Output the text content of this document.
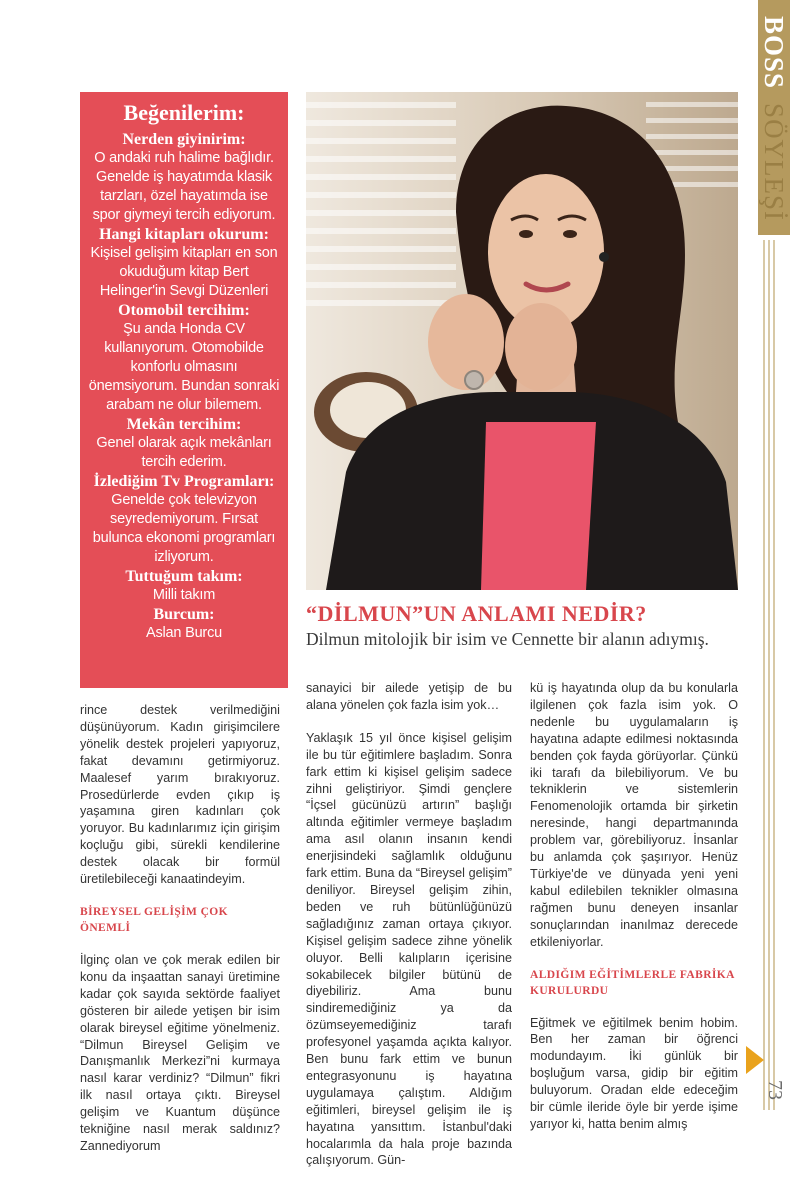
BOSS
SÖYLEŞİ
73

Beğenilerim:

Nerden giyinirim:

O andaki ruh halime bağlıdır. Genelde iş hayatımda klasik tarzları, özel hayatımda ise spor giymeyi tercih ediyorum.

Hangi kitapları okurum:

Kişisel gelişim kitapları en son okuduğum kitap Bert Helinger'in Sevgi Düzenleri

Otomobil tercihim:

Şu anda Honda CV kullanıyorum. Otomobilde konforlu olmasını önemsiyorum. Bundan sonraki arabam ne olur bilemem.

Mekân tercihim:

Genel olarak açık mekânları tercih ederim.

İzlediğim Tv Programları:

Genelde çok televizyon seyredemiyorum. Fırsat bulunca ekonomi programları izliyorum.

Tuttuğum takım:

Milli takım

Burcum:

Aslan Burcu

“DİLMUN”UN ANLAMI NEDİR?

Dilmun mitolojik bir isim ve Cennette bir alanın adıymış.

rince destek verilmediğini düşünüyorum. Kadın girişimcilere yönelik destek projeleri yapıyoruz, fakat devamını getirmiyoruz. Maalesef yarım bırakıyoruz. Prosedürlerde evden çıkıp iş yaşamına giren kadınları çok yoruyor. Bu kadınlarımız için girişim koçluğu gibi, sürekli kendilerine destek olacak bir formül üretilebileceği kanaatindeyim.

BİREYSEL GELİŞİM ÇOK ÖNEMLİ

İlginç olan ve çok merak edilen bir konu da inşaattan sanayi üretimine kadar çok sayıda sektörde faaliyet gösteren bir ailede yetişen bir isim olarak bireysel eğitime yönelmeniz. “Dilmun Bireysel Gelişim ve Danışmanlık Merkezi”ni kurmaya nasıl karar verdiniz? “Dilmun” fikri ilk nasıl ortaya çıktı. Bireysel gelişim ve Kuantum düşünce tekniğine nasıl merak saldınız? Zannediyorum

sanayici bir ailede yetişip de bu alana yönelen çok fazla isim yok…

Yaklaşık 15 yıl önce kişisel gelişim ile bu tür eğitimlere başladım. Sonra fark ettim ki kişisel gelişim sadece zihni geliştiriyor. Şimdi gençlere “İçsel gücünüzü artırın” başlığı altında eğitimler vermeye başladım ama asıl olanın insanın kendi enerjisindeki sağlamlık olduğunu fark ettim. Buna da “Bireysel gelişim” deniliyor. Bireysel gelişim zihin, beden ve ruh bütünlüğünüzü sağladığınız zaman ortaya çıkıyor. Kişisel gelişim sadece zihne yönelik oluyor. Belli kalıpların içerisine sokabilecek bilgiler bütünü de diyebiliriz. Ama bunu sindiremediğiniz ya da özümseyemediğiniz tarafı profesyonel yaşamda açıkta kalıyor. Ben bunu fark ettim ve bunun entegrasyonunu iş hayatına uygulamaya çalıştım. Aldığım eğitimleri, bireysel gelişim ile iş hayatına yansıttım. İstanbul'daki hocalarımla da hala proje bazında çalışıyorum. Gün-

kü iş hayatında olup da bu konularla ilgilenen çok fazla isim yok. O nedenle bu uygulamaların iş hayatına adapte edilmesi noktasında benden çok fayda görüyorlar. Çünkü iki tarafı da bilebiliyorum. Ve bu tekniklerin ve sistemlerin Fenomenolojik ortamda bir şirketin neresinde, hangi departmanında problem var, görebiliyoruz. İnsanlar bu anlamda çok şaşırıyor. Henüz Türkiye'de ve dünyada yeni yeni kabul edilebilen teknikler olmasına rağmen bunu deneyen insanlar sonuçlarından inanılmaz derecede etkileniyorlar.

ALDIĞIM EĞİTİMLERLE FABRİKA KURULURDU

Eğitmek ve eğitilmek benim hobim. Ben her zaman bir öğrenci modundayım. İki günlük bir boşluğum varsa, gidip bir eğitim buluyorum. Oradan elde edeceğim bir cümle ileride öyle bir yerde işime yarıyor ki, hatta benim almış
